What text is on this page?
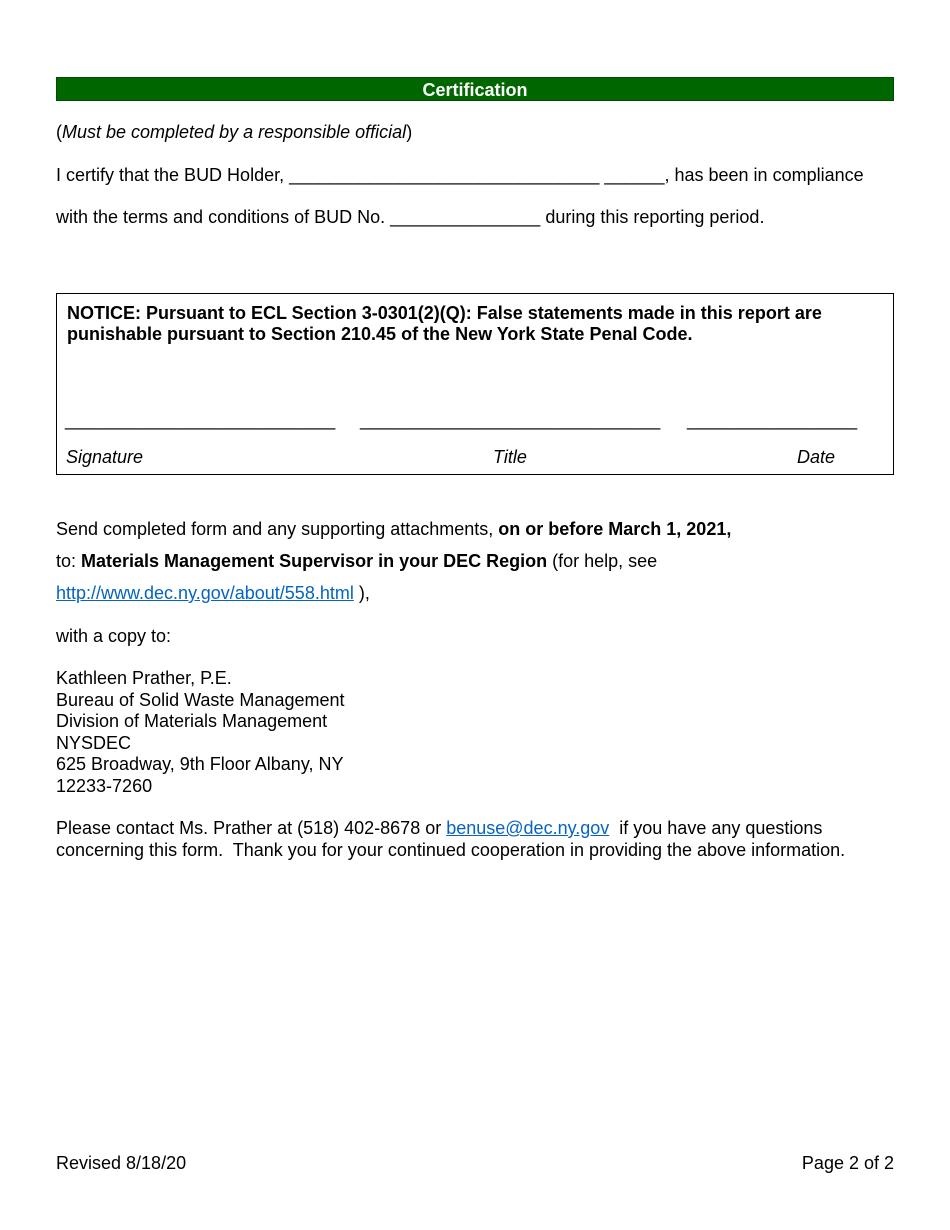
Certification
(Must be completed by a responsible official)
I certify that the BUD Holder, _______________________________ ______, has been in compliance
with the terms and conditions of BUD No. _______________ during this reporting period.
NOTICE: Pursuant to ECL Section 3-0301(2)(Q): False statements made in this report are punishable pursuant to Section 210.45 of the New York State Penal Code.
___________________________ ______________________________ _________________
Signature	Title	Date
Send completed form and any supporting attachments, on or before March 1, 2021,
to: Materials Management Supervisor in your DEC Region (for help, see
http://www.dec.ny.gov/about/558.html ),
with a copy to:
Kathleen Prather, P.E.
Bureau of Solid Waste Management
Division of Materials Management
NYSDEC
625 Broadway, 9th Floor Albany, NY
12233-7260
Please contact Ms. Prather at (518) 402-8678 or benuse@dec.ny.gov  if you have any questions
concerning this form.  Thank you for your continued cooperation in providing the above information.
Revised 8/18/20	Page 2 of 2
